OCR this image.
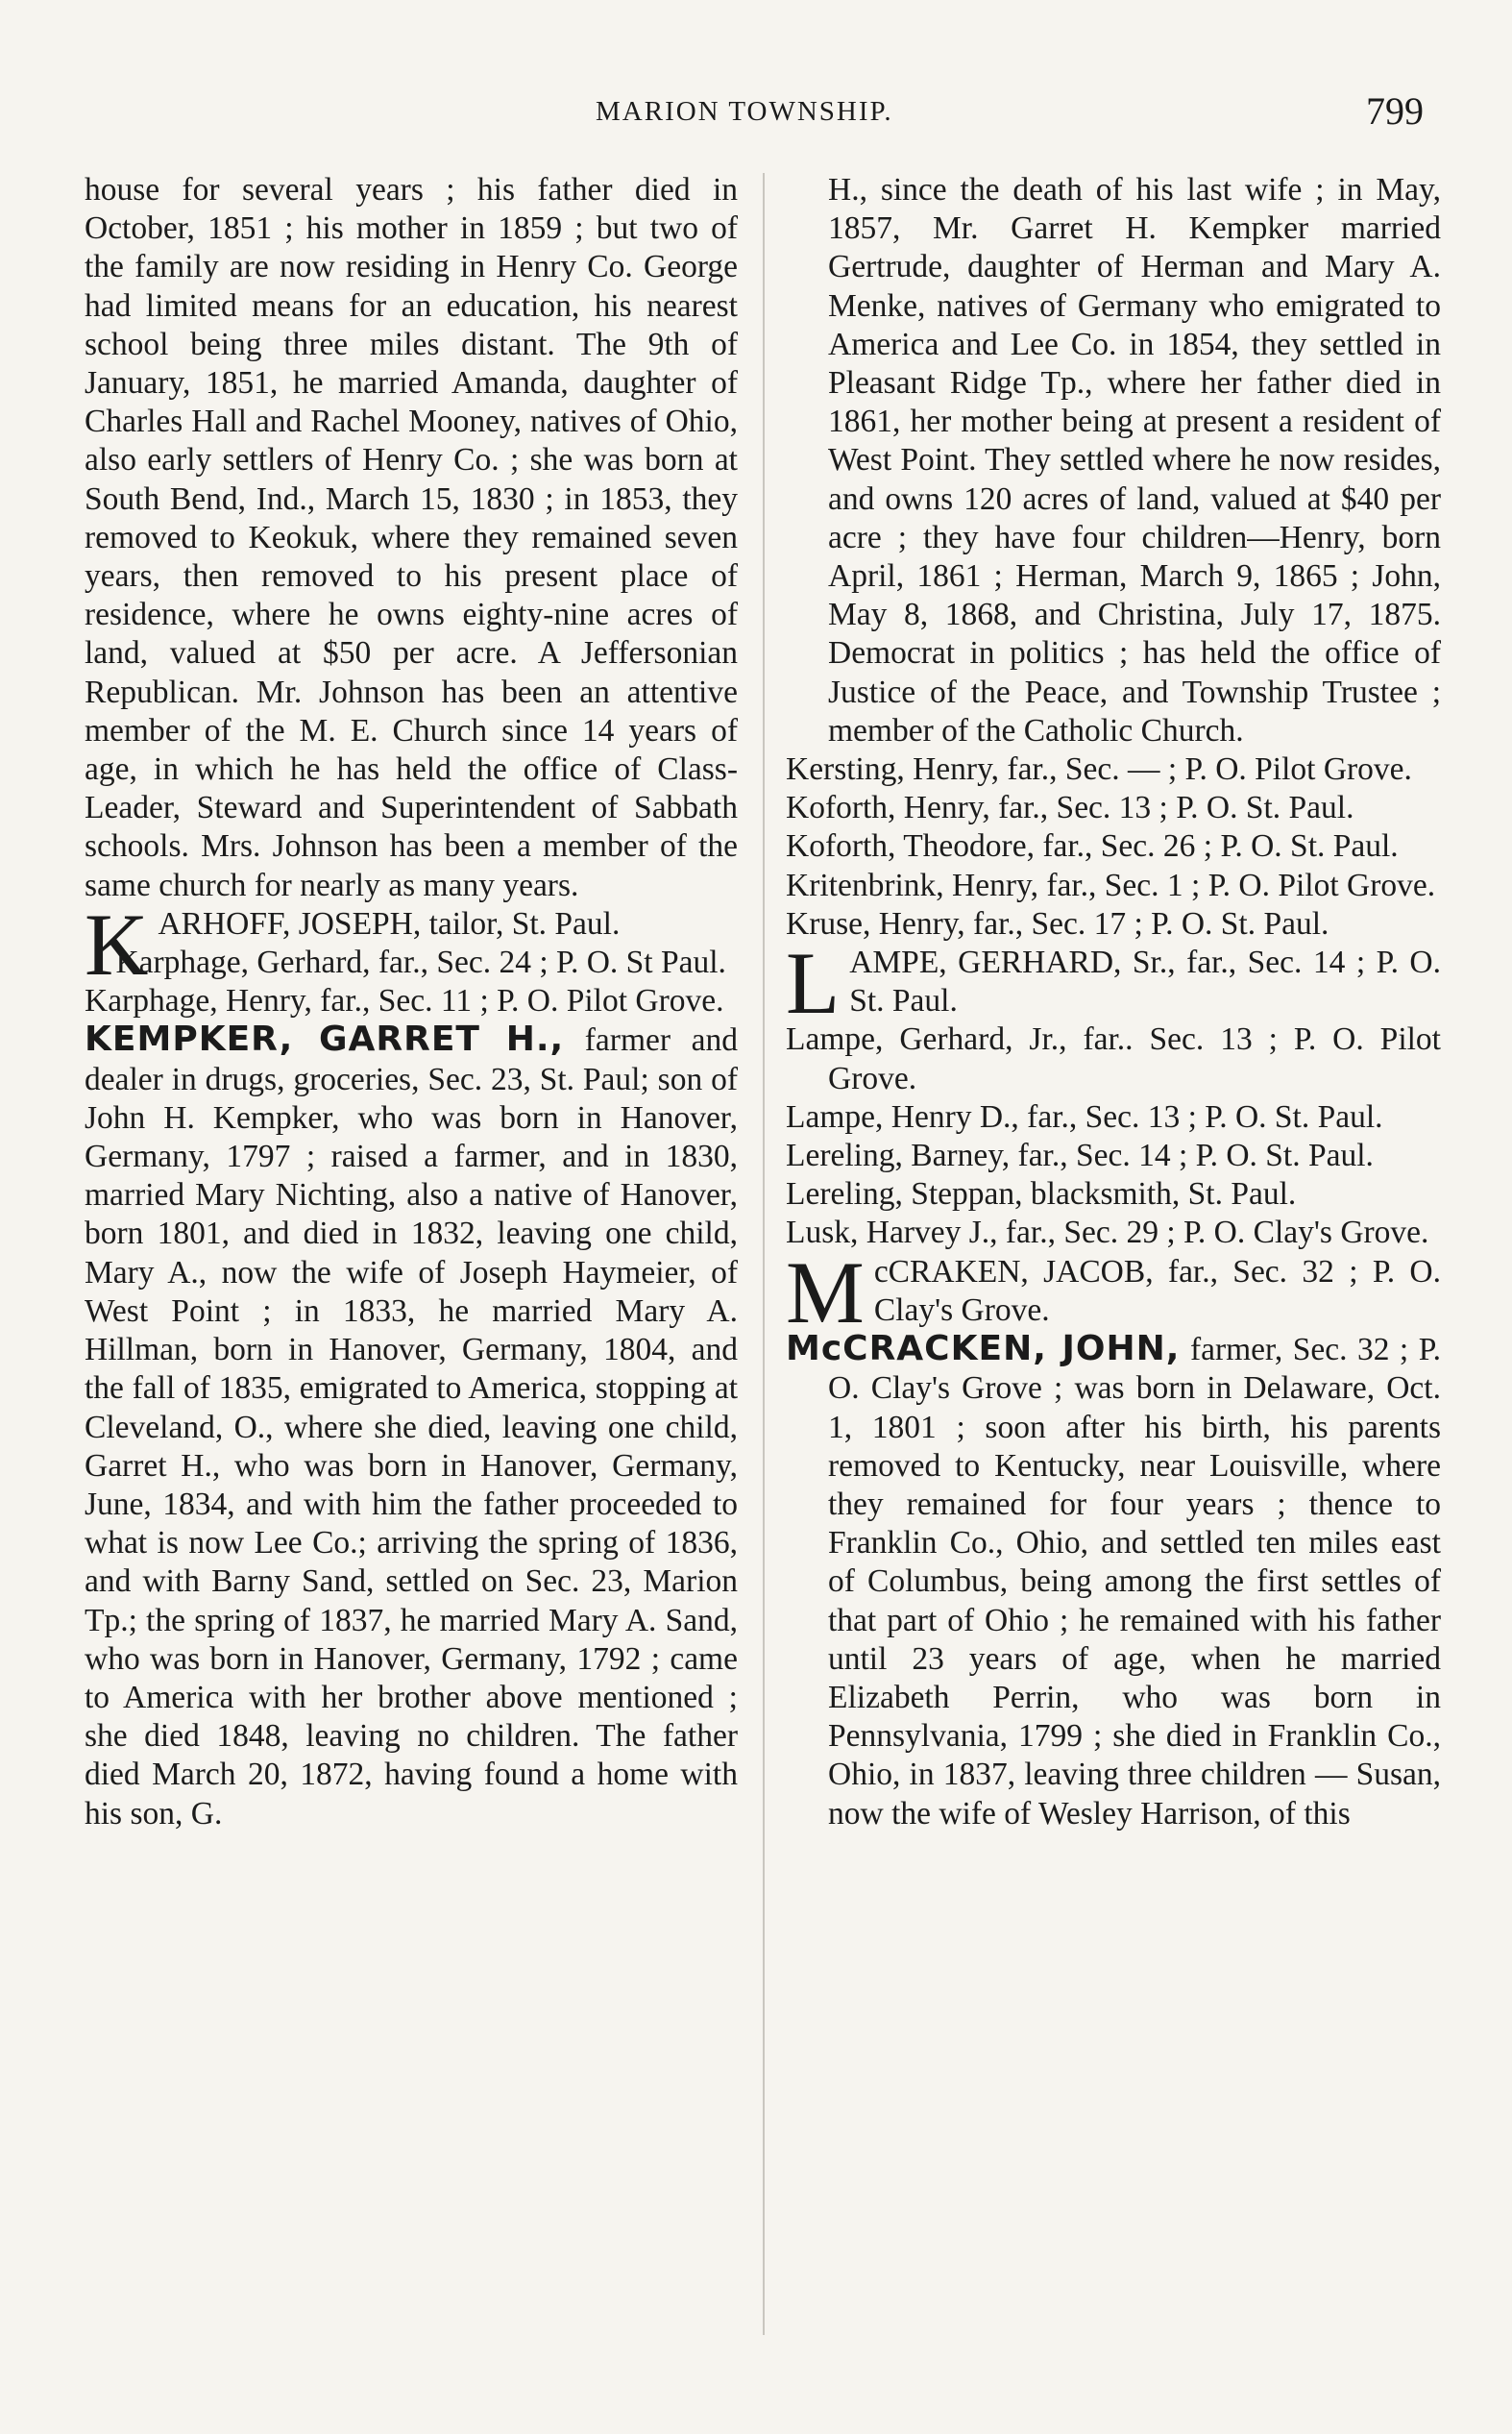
MARION TOWNSHIP.	799

house for several years ; his father died in October, 1851 ; his mother in 1859 ; but two of the family are now residing in Henry Co. George had limited means for an education, his nearest school being three miles distant. The 9th of January, 1851, he married Amanda, daughter of Charles Hall and Rachel Mooney, natives of Ohio, also early settlers of Henry Co. ; she was born at South Bend, Ind., March 15, 1830 ; in 1853, they removed to Keokuk, where they remained seven years, then removed to his present place of residence, where he owns eighty-nine acres of land, valued at $50 per acre. A Jeffersonian Republican. Mr. Johnson has been an attentive member of the M. E. Church since 14 years of age, in which he has held the office of Class-Leader, Steward and Superintendent of Sabbath schools. Mrs. Johnson has been a member of the same church for nearly as many years.

K ARHOFF, JOSEPH, tailor, St. Paul.

Karphage, Gerhard, far., Sec. 24 ; P. O. St Paul.

Karphage, Henry, far., Sec. 11 ; P. O. Pilot Grove.

KEMPKER, GARRET H., farmer and dealer in drugs, groceries, Sec. 23, St. Paul; son of John H. Kempker, who was born in Hanover, Germany, 1797 ; raised a farmer, and in 1830, married Mary Nichting, also a native of Hanover, born 1801, and died in 1832, leaving one child, Mary A., now the wife of Joseph Haymeier, of West Point ; in 1833, he married Mary A. Hillman, born in Hanover, Germany, 1804, and the fall of 1835, emigrated to America, stopping at Cleveland, O., where she died, leaving one child, Garret H., who was born in Hanover, Germany, June, 1834, and with him the father proceeded to what is now Lee Co.; arriving the spring of 1836, and with Barny Sand, settled on Sec. 23, Marion Tp.; the spring of 1837, he married Mary A. Sand, who was born in Hanover, Germany, 1792 ; came to America with her brother above mentioned ; she died 1848, leaving no children. The father died March 20, 1872, having found a home with his son, G.

H., since the death of his last wife ; in May, 1857, Mr. Garret H. Kempker married Gertrude, daughter of Herman and Mary A. Menke, natives of Germany who emigrated to America and Lee Co. in 1854, they settled in Pleasant Ridge Tp., where her father died in 1861, her mother being at present a resident of West Point. They settled where he now resides, and owns 120 acres of land, valued at $40 per acre ; they have four children—Henry, born April, 1861 ; Herman, March 9, 1865 ; John, May 8, 1868, and Christina, July 17, 1875. Democrat in politics ; has held the office of Justice of the Peace, and Township Trustee ; member of the Catholic Church.

Kersting, Henry, far., Sec. — ; P. O. Pilot Grove.

Koforth, Henry, far., Sec. 13 ; P. O. St. Paul.

Koforth, Theodore, far., Sec. 26 ; P. O. St. Paul.

Kritenbrink, Henry, far., Sec. 1 ; P. O. Pilot Grove.

Kruse, Henry, far., Sec. 17 ; P. O. St. Paul.

L AMPE, GERHARD, Sr., far., Sec. 14 ; P. O. St. Paul.

Lampe, Gerhard, Jr., far.. Sec. 13 ; P. O. Pilot Grove.

Lampe, Henry D., far., Sec. 13 ; P. O. St. Paul.

Lereling, Barney, far., Sec. 14 ; P. O. St. Paul.

Lereling, Steppan, blacksmith, St. Paul.

Lusk, Harvey J., far., Sec. 29 ; P. O. Clay's Grove.

M cCRAKEN, JACOB, far., Sec. 32 ; P. O. Clay's Grove.

McCRACKEN, JOHN, farmer, Sec. 32 ; P. O. Clay's Grove ; was born in Delaware, Oct. 1, 1801 ; soon after his birth, his parents removed to Kentucky, near Louisville, where they remained for four years ; thence to Franklin Co., Ohio, and settled ten miles east of Columbus, being among the first settles of that part of Ohio ; he remained with his father until 23 years of age, when he married Elizabeth Perrin, who was born in Pennsylvania, 1799 ; she died in Franklin Co., Ohio, in 1837, leaving three children — Susan, now the wife of Wesley Harrison, of this
